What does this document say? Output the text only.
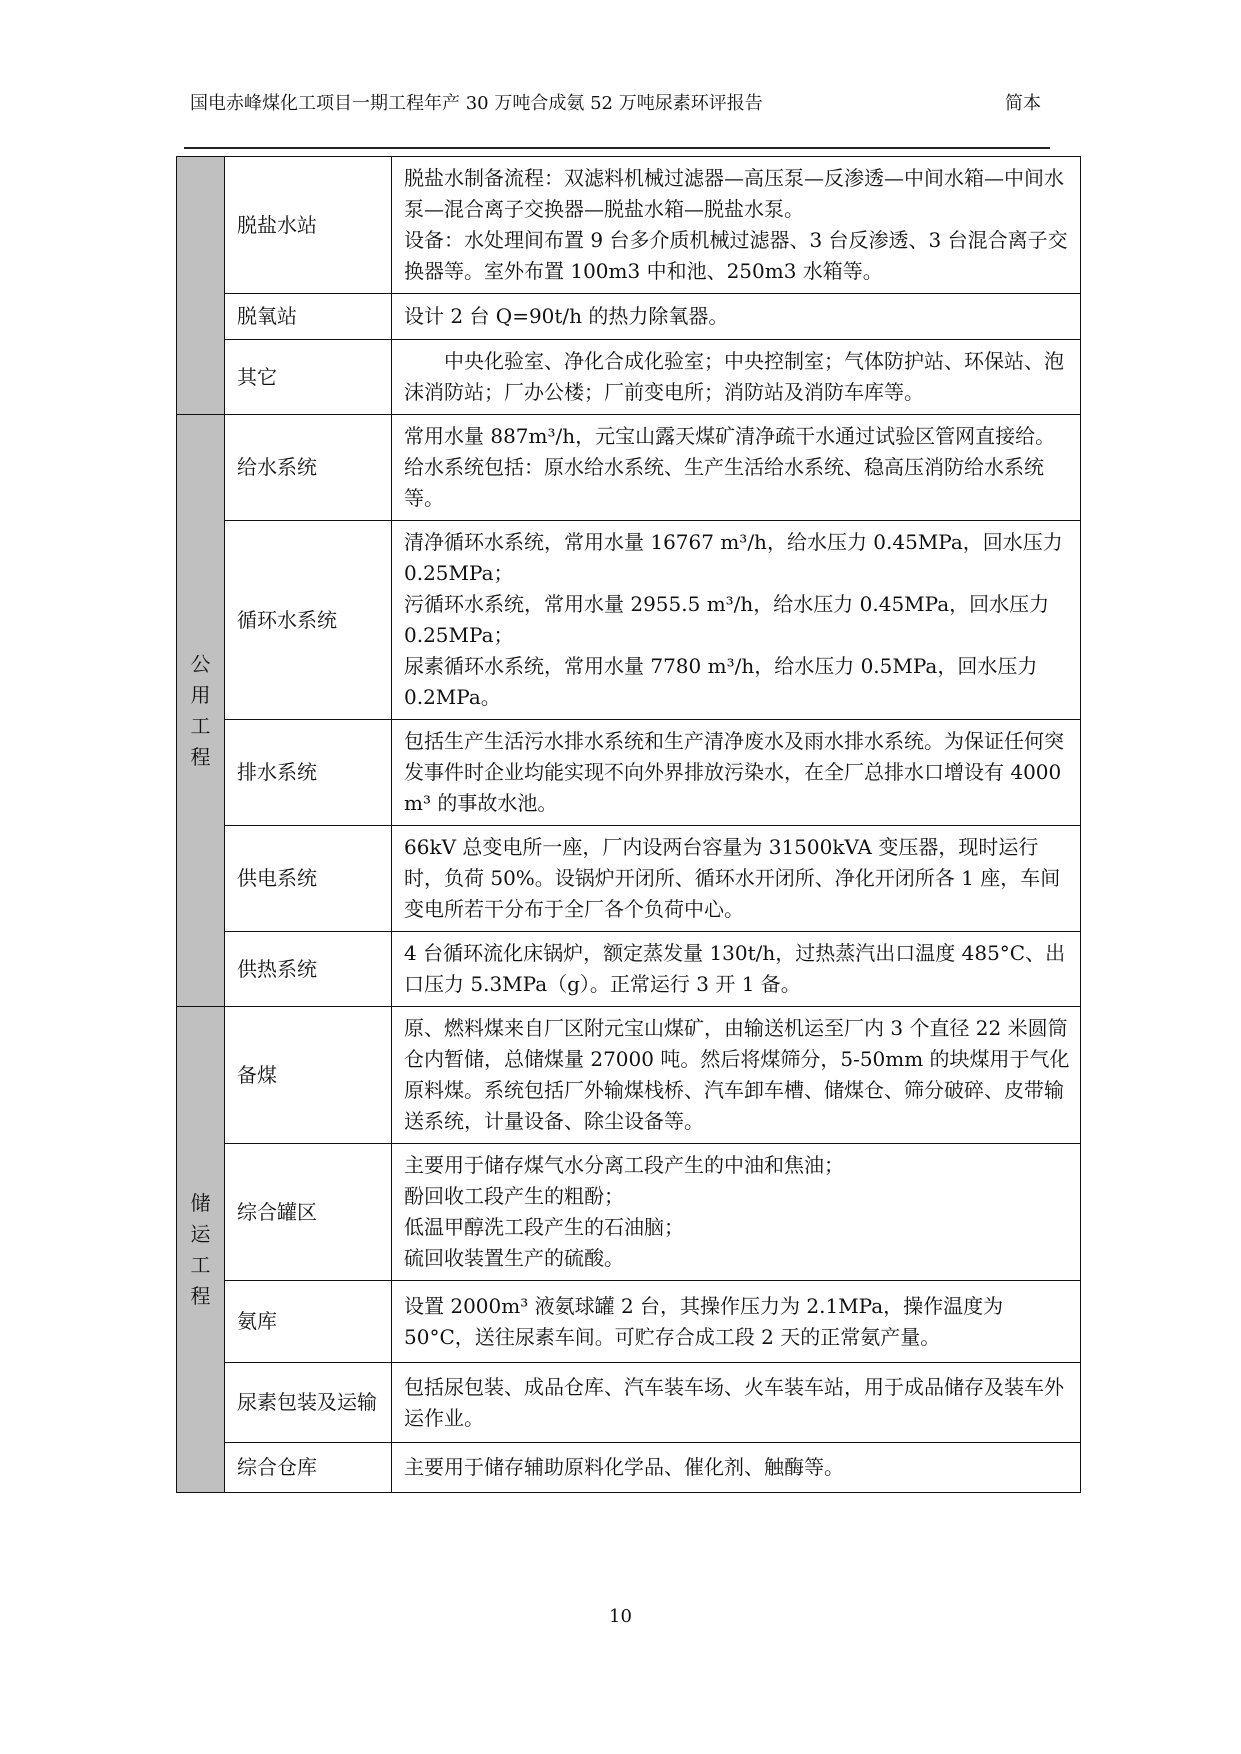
国电赤峰煤化工项目一期工程年产 30 万吨合成氨 52 万吨尿素环评报告	简本
	脱盐水站	脱盐水制备流程：双滤料机械过滤器—高压泵—反渗透—中间水箱—中间水泵—混合离子交换器—脱盐水箱—脱盐水泵。

设备：水处理间布置 9 台多介质机械过滤器、3 台反渗透、3 台混合离子交换器等。室外布置 100m3 中和池、250m3 水箱等。

	脱氧站	设计 2 台 Q=90t/h 的热力除氧器。

	其它	中央化验室、净化合成化验室；中央控制室；气体防护站、环保站、泡沫消防站；厂办公楼；厂前变电所；消防站及消防车库等。

公用工程	给水系统	常用水量 887m³/h，元宝山露天煤矿清净疏干水通过试验区管网直接给。

给水系统包括：原水给水系统、生产生活给水系统、稳高压消防给水系统等。

	循环水系统	清净循环水系统，常用水量 16767 m³/h，给水压力 0.45MPa，回水压力 0.25MPa；

污循环水系统，常用水量 2955.5 m³/h，给水压力 0.45MPa，回水压力 0.25MPa；

尿素循环水系统，常用水量 7780 m³/h，给水压力 0.5MPa，回水压力 0.2MPa。

	排水系统	包括生产生活污水排水系统和生产清净废水及雨水排水系统。为保证任何突发事件时企业均能实现不向外界排放污染水，在全厂总排水口增设有 4000 m³ 的事故水池。

	供电系统	66kV 总变电所一座，厂内设两台容量为 31500kVA 变压器，现时运行时，负荷 50%。设锅炉开闭所、循环水开闭所、净化开闭所各 1 座，车间变电所若干分布于全厂各个负荷中心。

	供热系统	4 台循环流化床锅炉，额定蒸发量 130t/h，过热蒸汽出口温度 485°C、出口压力 5.3MPa（g）。正常运行 3 开 1 备。

储运工程	备煤	原、燃料煤来自厂区附元宝山煤矿，由输送机运至厂内 3 个直径 22 米圆筒仓内暂储，总储煤量 27000 吨。然后将煤筛分，5-50mm 的块煤用于气化原料煤。系统包括厂外输煤栈桥、汽车卸车槽、储煤仓、筛分破碎、皮带输送系统，计量设备、除尘设备等。

	综合罐区	主要用于储存煤气水分离工段产生的中油和焦油；

酚回收工段产生的粗酚；

低温甲醇洗工段产生的石油脑；

硫回收装置生产的硫酸。

	氨库	设置 2000m³ 液氨球罐 2 台，其操作压力为 2.1MPa，操作温度为 50°C，送往尿素车间。可贮存合成工段 2 天的正常氨产量。

	尿素包装及运输	包括尿包装、成品仓库、汽车装车场、火车装车站，用于成品储存及装车外运作业。

	综合仓库	主要用于储存辅助原料化学品、催化剂、触酶等。

10
